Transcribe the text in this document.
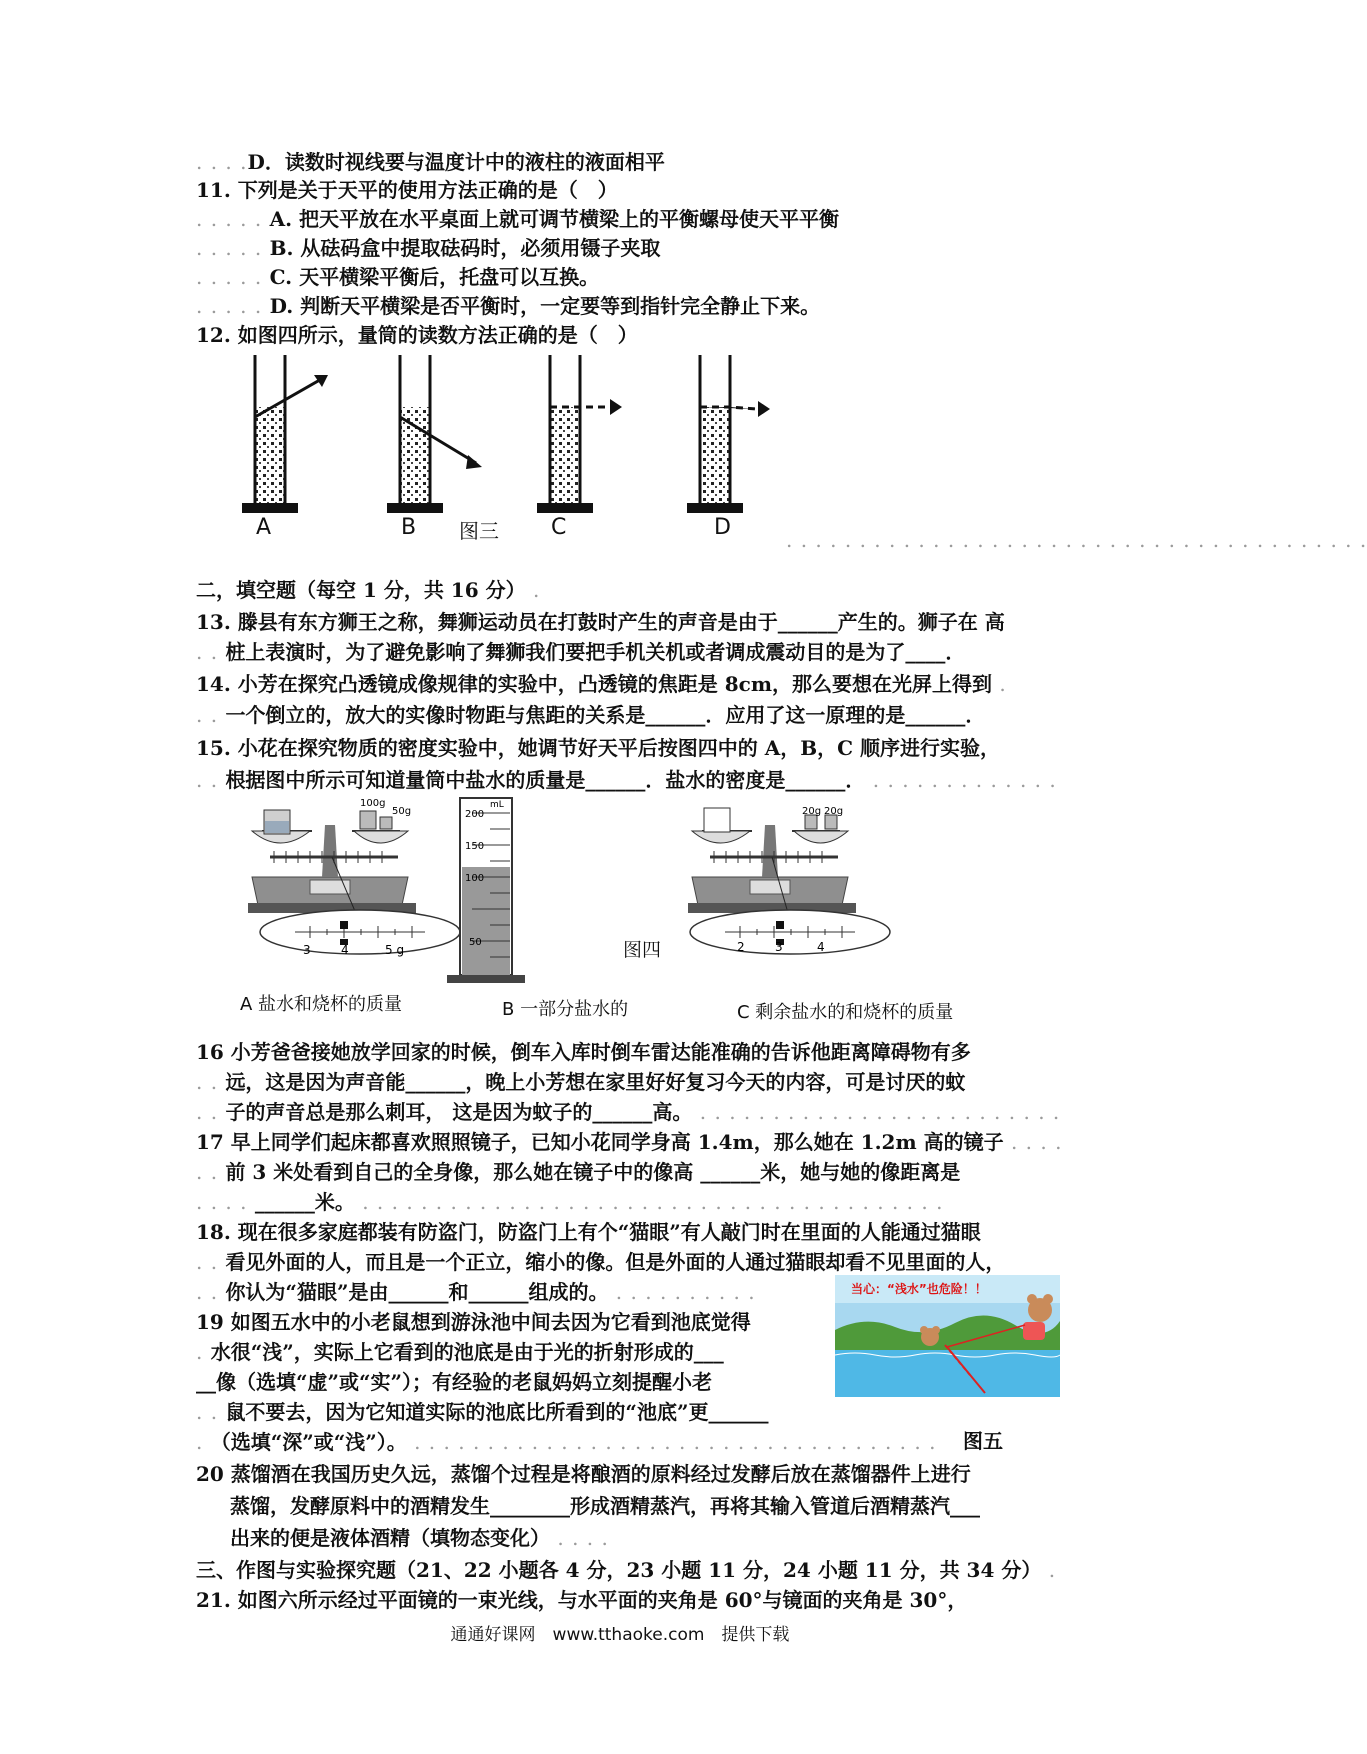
. . . .D．读数时视线要与温度计中的液柱的液面相平
11. 下列是关于天平的使用方法正确的是（　）
. . . . . A. 把天平放在水平桌面上就可调节横梁上的平衡螺母使天平平衡
. . . . . B. 从砝码盒中提取砝码时，必须用镊子夹取
. . . . . C. 天平横梁平衡后，托盘可以互换。
. . . . . D. 判断天平横梁是否平衡时，一定要等到指针完全静止下来。
12. 如图四所示，量筒的读数方法正确的是（　）
A	B 图三 C	D	. . . . . . . . . . . . . . . . . . . . . . . . . . . . . . . . . . . . . . . .
二，填空题（每空 1 分，共 16 分） .
13. 滕县有东方狮王之称，舞狮运动员在打鼓时产生的声音是由于______产生的。狮子在 高
. . 桩上表演时，为了避免影响了舞狮我们要把手机关机或者调成震动目的是为了____．
14. 小芳在探究凸透镜成像规律的实验中，凸透镜的焦距是 8cm，那么要想在光屏上得到 .
. . 一个倒立的，放大的实像时物距与焦距的关系是______．应用了这一原理的是______．
15. 小花在探究物质的密度实验中，她调节好天平后按图四中的 A，B，C 顺序进行实验，
. . 根据图中所示可知道量筒中盐水的质量是______．盐水的密度是______． . . . . . . . . . . . . .
100g
50g
3	4	5 g
mL
200
150
100
50
20g 20g
2	3	4
图四
A 盐水和烧杯的质量	B 一部分盐水的	C 剩余盐水的和烧杯的质量
16 小芳爸爸接她放学回家的时候，倒车入库时倒车雷达能准确的告诉他距离障碍物有多
. . 远，这是因为声音能______，晚上小芳想在家里好好复习今天的内容，可是讨厌的蚊
. . 子的声音总是那么刺耳， 这是因为蚊子的______高。 . . . . . . . . . . . . . . . . . . . . . . . . .
17 早上同学们起床都喜欢照照镜子，已知小花同学身高 1.4m，那么她在 1.2m 高的镜子 . . . .
. . 前 3 米处看到自己的全身像，那么她在镜子中的像高 ______米，她与她的像距离是
. . . . ______米。 . . . . . . . . . . . . . . . . . . . . . . . . . . . . . . . . . . . . . . . .
18. 现在很多家庭都装有防盗门，防盗门上有个“猫眼”有人敲门时在里面的人能通过猫眼
. . 看见外面的人，而且是一个正立，缩小的像。但是外面的人通过猫眼却看不见里面的人，
. . 你认为“猫眼”是由______和______组成的。 . . . . . . . . . .
19 如图五水中的小老鼠想到游泳池中间去因为它看到池底觉得
. 水很“浅”，实际上它看到的池底是由于光的折射形成的___
__像（选填“虚”或“实”）；有经验的老鼠妈妈立刻提醒小老
. . 鼠不要去，因为它知道实际的池底比所看到的“池底”更______
. （选填“深”或“浅”）。 . . . . . . . . . . . . . . . . . . . . . . . . . . . . . . . . . . . . 图五
当心：“浅水”也危险！！
20 蒸馏酒在我国历史久远，蒸馏个过程是将酿酒的原料经过发酵后放在蒸馏器件上进行
蒸馏，发酵原料中的酒精发生________形成酒精蒸汽，再将其输入管道后酒精蒸汽___
出来的便是液体酒精（填物态变化） . . . .
三、作图与实验探究题（21、22 小题各 4 分，23 小题 11 分，24 小题 11 分，共 34 分） .
21. 如图六所示经过平面镜的一束光线，与水平面的夹角是 60°与镜面的夹角是 30°，
通通好课网　www.tthaoke.com　提供下载
